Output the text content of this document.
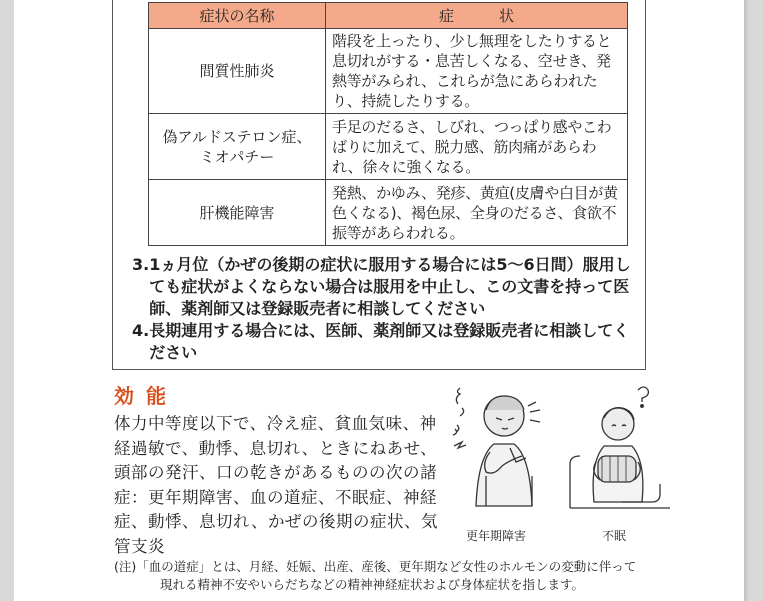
症状の名称	症　　　状
間質性肺炎	階段を上ったり、少し無理をしたりすると息切れがする・息苦しくなる、空せき、発熱等がみられ、これらが急にあらわれたり、持続したりする。
偽アルドステロン症、
ミオパチー	手足のだるさ、しびれ、つっぱり感やこわばりに加えて、脱力感、筋肉痛があらわれ、徐々に強くなる。
肝機能障害	発熱、かゆみ、発疹、黄疸(皮膚や白目が黄色くなる)、褐色尿、全身のだるさ、食欲不振等があらわれる。
3. 1ヵ月位（かぜの後期の症状に服用する場合には5〜6日間）服用しても症状がよくならない場合は服用を中止し、この文書を持って医師、薬剤師又は登録販売者に相談してください
4. 長期連用する場合には、医師、薬剤師又は登録販売者に相談してください
効能
体力中等度以下で、冷え症、貧血気味、神経過敏で、動悸、息切れ、ときにねあせ、頭部の発汗、口の乾きがあるものの次の諸症：更年期障害、血の道症、不眠症、神経症、動悸、息切れ、かぜの後期の症状、気管支炎
更年期障害	不眠
(注)「血の道症」とは、月経、妊娠、出産、産後、更年期など女性のホルモンの変動に伴って
現れる精神不安やいらだちなどの精神神経症状および身体症状を指します。
